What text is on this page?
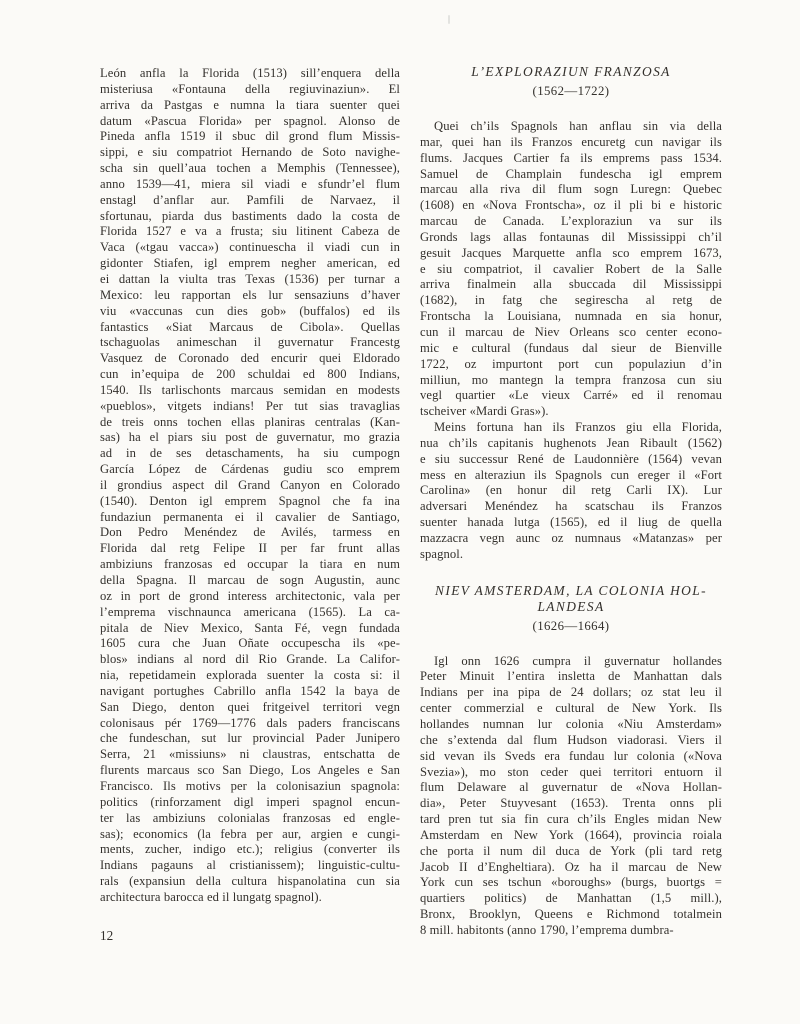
León anfla la Florida (1513) sill’enquera della
misteriusa «Fontauna della regiuvinaziun». El
arriva da Pastgas e numna la tiara suenter quei
datum «Pascua Florida» per spagnol. Alonso de
Pineda anfla 1519 il sbuc dil grond flum Missis-
sippi, e siu compatriot Hernando de Soto navighe-
scha sin quell’aua tochen a Memphis (Tennessee),
anno 1539—41, miera sil viadi e sfundr’el flum
enstagl d’anflar aur. Pamfili de Narvaez, il
sfortunau, piarda dus bastiments dado la costa de
Florida 1527 e va a frusta; siu litinent Cabeza de
Vaca («tgau vacca») continuescha il viadi cun in
gidonter Stiafen, igl emprem negher american, ed
ei dattan la viulta tras Texas (1536) per turnar a
Mexico: leu rapportan els lur sensaziuns d’haver
viu «vaccunas cun dies gob» (buffalos) ed ils
fantastics «Siat Marcaus de Cibola». Quellas
tschaguolas animeschan il guvernatur Francestg
Vasquez de Coronado ded encurir quei Eldorado
cun in’equipa de 200 schuldai ed 800 Indians,
1540. Ils tarlischonts marcaus semidan en modests
«pueblos», vitgets indians! Per tut sias travaglias
de treis onns tochen ellas planiras centralas (Kan-
sas) ha el piars siu post de guvernatur, mo grazia
ad in de ses detaschaments, ha siu cumpogn
García López de Cárdenas gudiu sco emprem
il grondius aspect dil Grand Canyon en Colorado
(1540). Denton igl emprem Spagnol che fa ina
fundaziun permanenta ei il cavalier de Santiago,
Don Pedro Menéndez de Avilés, tarmess en
Florida dal retg Felipe II per far frunt allas
ambiziuns franzosas ed occupar la tiara en num
della Spagna. Il marcau de sogn Augustin, aunc
oz in port de grond interess architectonic, vala per
l’emprema vischnaunca americana (1565). La ca-
pitala de Niev Mexico, Santa Fé, vegn fundada
1605 cura che Juan Oñate occupescha ils «pe-
blos» indians al nord dil Rio Grande. La Califor-
nia, repetidamein explorada suenter la costa si: il
navigant portughes Cabrillo anfla 1542 la baya de
San Diego, denton quei fritgeivel territori vegn
colonisaus pér 1769—1776 dals paders franciscans
che fundeschan, sut lur provincial Pader Junipero
Serra, 21 «missiuns» ni claustras, entschatta de
flurents marcaus sco San Diego, Los Angeles e San
Francisco. Ils motivs per la colonisaziun spagnola:
politics (rinforzament digl imperi spagnol encun-
ter las ambiziuns colonialas franzosas ed engle-
sas); economics (la febra per aur, argien e cungi-
ments, zucher, indigo etc.); religius (converter ils
Indians pagauns al cristianissem); linguistic-cultu-
rals (expansiun della cultura hispanolatina cun sia
architectura barocca ed il lungatg spagnol).
L’EXPLORAZIUN FRANZOSA
(1562—1722)
Quei ch’ils Spagnols han anflau sin via della
mar, quei han ils Franzos encuretg cun navigar ils
flums. Jacques Cartier fa ils emprems pass 1534.
Samuel de Champlain fundescha igl emprem
marcau alla riva dil flum sogn Luregn: Quebec
(1608) en «Nova Frontscha», oz il pli bi e historic
marcau de Canada. L’exploraziun va sur ils
Gronds lags allas fontaunas dil Mississippi ch’il
gesuit Jacques Marquette anfla sco emprem 1673,
e siu compatriot, il cavalier Robert de la Salle
arriva finalmein alla sbuccada dil Mississippi
(1682), in fatg che segirescha al retg de
Frontscha la Louisiana, numnada en sia honur,
cun il marcau de Niev Orleans sco center econo-
mic e cultural (fundaus dal sieur de Bienville
1722, oz impurtont port cun populaziun d’in
milliun, mo mantegn la tempra franzosa cun siu
vegl quartier «Le vieux Carré» ed il renomau
tscheiver «Mardi Gras»).
Meins fortuna han ils Franzos giu ella Florida,
nua ch’ils capitanis hughenots Jean Ribault (1562)
e siu successur René de Laudonnière (1564) vevan
mess en alteraziun ils Spagnols cun ereger il «Fort
Carolina» (en honur dil retg Carli IX). Lur
adversari Menéndez ha scatschau ils Franzos
suenter hanada lutga (1565), ed il liug de quella
mazzacra vegn aunc oz numnaus «Matanzas» per
spagnol.
NIEV AMSTERDAM, LA COLONIA HOL-
LANDESA
(1626—1664)
Igl onn 1626 cumpra il guvernatur hollandes
Peter Minuit l’entira insletta de Manhattan dals
Indians per ina pipa de 24 dollars; oz stat leu il
center commerzial e cultural de New York. Ils
hollandes numnan lur colonia «Niu Amsterdam»
che s’extenda dal flum Hudson viadorasi. Viers il
sid vevan ils Sveds era fundau lur colonia («Nova
Svezia»), mo ston ceder quei territori entuorn il
flum Delaware al guvernatur de «Nova Hollan-
dia», Peter Stuyvesant (1653). Trenta onns pli
tard pren tut sia fin cura ch’ils Engles midan New
Amsterdam en New York (1664), provincia roiala
che porta il num dil duca de York (pli tard retg
Jacob II d’Engheltiara). Oz ha il marcau de New
York cun ses tschun «boroughs» (burgs, buortgs =
quartiers politics) de Manhattan (1,5 mill.),
Bronx, Brooklyn, Queens e Richmond totalmein
8 mill. habitonts (anno 1790, l’emprema dumbra-
12
